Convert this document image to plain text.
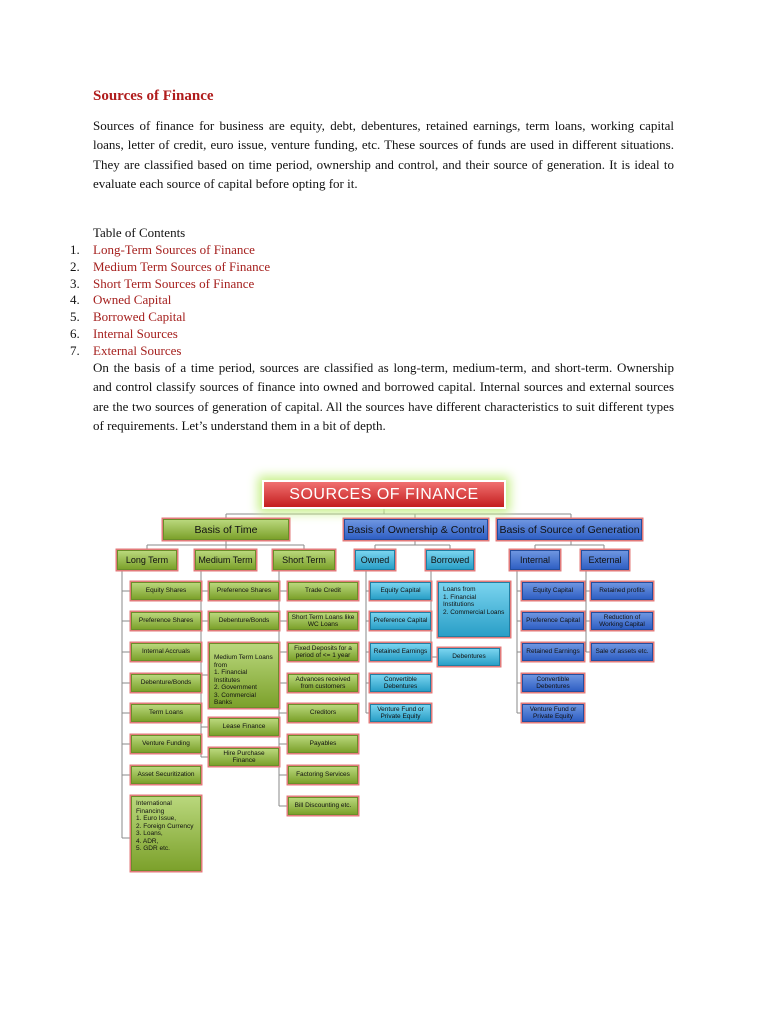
Sources of Finance

Sources of finance for business are equity, debt, debentures, retained earnings, term loans, working capital loans, letter of credit, euro issue, venture funding, etc. These sources of funds are used in different situations. They are classified based on time period, ownership and control, and their source of generation. It is ideal to evaluate each source of capital before opting for it.

Table of Contents
1. Long-Term Sources of Finance
2. Medium Term Sources of Finance
3. Short Term Sources of Finance
4. Owned Capital
5. Borrowed Capital
6. Internal Sources
7. External Sources

On the basis of a time period, sources are classified as long-term, medium-term, and short-term. Ownership and control classify sources of finance into owned and borrowed capital. Internal sources and external sources are the two sources of generation of capital. All the sources have different characteristics to suit different types of requirements. Let’s understand them in a bit of depth.

SOURCES OF FINANCE
Basis of Time	Basis of Ownership & Control	Basis of Source of Generation
Long Term	Medium Term	Short Term	Owned	Borrowed	Internal	External
Equity Shares
Preference Shares
Internal Accruals
Debenture/Bonds
Term Loans
Venture Funding
Asset Securitization
International
Financing
1. Euro Issue,
2. Foreign Currency
3. Loans,
4. ADR,
5. GDR etc.
Preference Shares
Debenture/Bonds
Medium Term Loans
from
1. Financial Institutes
2. Government
3. Commercial Banks
Lease Finance
Hire Purchase Finance
Trade Credit
Short Term Loans like WC Loans
Fixed Deposits for a period of <= 1 year
Advances received from customers
Creditors
Payables
Factoring Services
Bill Discounting etc.
Equity Capital
Preference Capital
Retained Earnings
Convertible Debentures
Venture Fund or Private Equity
Loans from
1. Financial Institutions
2. Commercial Loans
Debentures
Equity Capital
Preference Capital
Retained Earnings
Convertible Debentures
Venture Fund or Private Equity
Retained profits
Reduction of Working Capital
Sale of assets etc.
